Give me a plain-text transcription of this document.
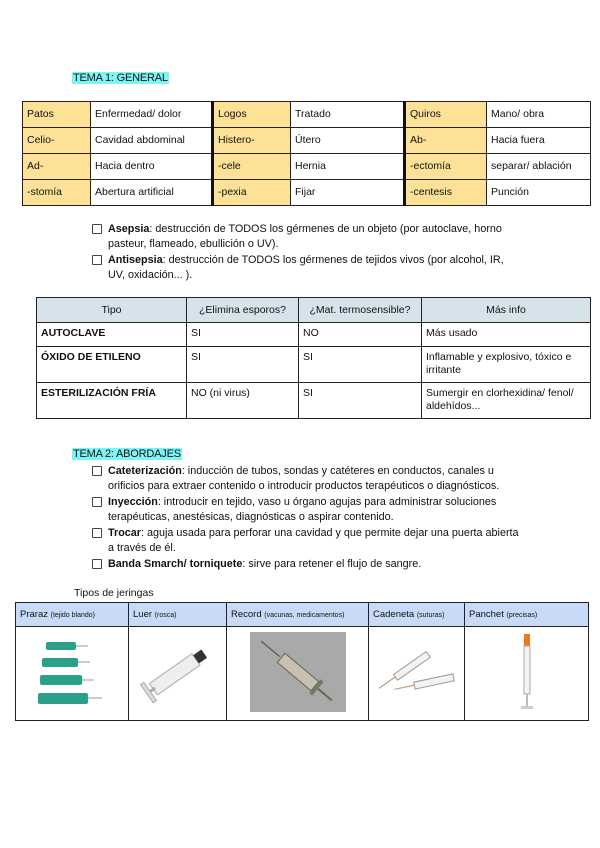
TEMA 1: GENERAL
Patos	Enfermedad/ dolor	Logos	Tratado	Quiros	Mano/ obra
Celio-	Cavidad abdominal	Histero-	Útero	Ab-	Hacia fuera
Ad-	Hacia dentro	-cele	Hernia	-ectomía	separar/ ablación
-stomía	Abertura artificial	-pexia	Fijar	-centesis	Punción
Asepsia: destrucción de TODOS los gérmenes de un objeto (por autoclave, horno pasteur, flameado, ebullición o UV).
Antisepsia: destrucción de TODOS los gérmenes de tejidos vivos (por alcohol, IR, UV, oxidación... ).
Tipo	¿Elimina esporos?	¿Mat. termosensible?	Más info
AUTOCLAVE	SI	NO	Más usado
ÓXIDO DE ETILENO	SI	SI	Inflamable y explosivo, tóxico e irritante
ESTERILIZACIÓN FRÍA	NO (ni virus)	SI	Sumergir en clorhexidina/ fenol/ aldehídos...
TEMA 2: ABORDAJES
Cateterización: inducción de tubos, sondas y catéteres en conductos, canales u orificios para extraer contenido o introducir productos terapéuticos o diagnósticos.
Inyección: introducir en tejido, vaso u órgano agujas para administrar soluciones terapéuticas, anestésicas, diagnósticas o aspirar contenido.
Trocar: aguja usada para perforar una cavidad y que permite dejar una puerta abierta a través de él.
Banda Smarch/ torniquete: sirve para retener el flujo de sangre.
Tipos de jeringas
Praraz (tejido blando)	Luer (rosca)	Record (vacunas, medicamentos)	Cadeneta (suturas)	Panchet (precisas)
